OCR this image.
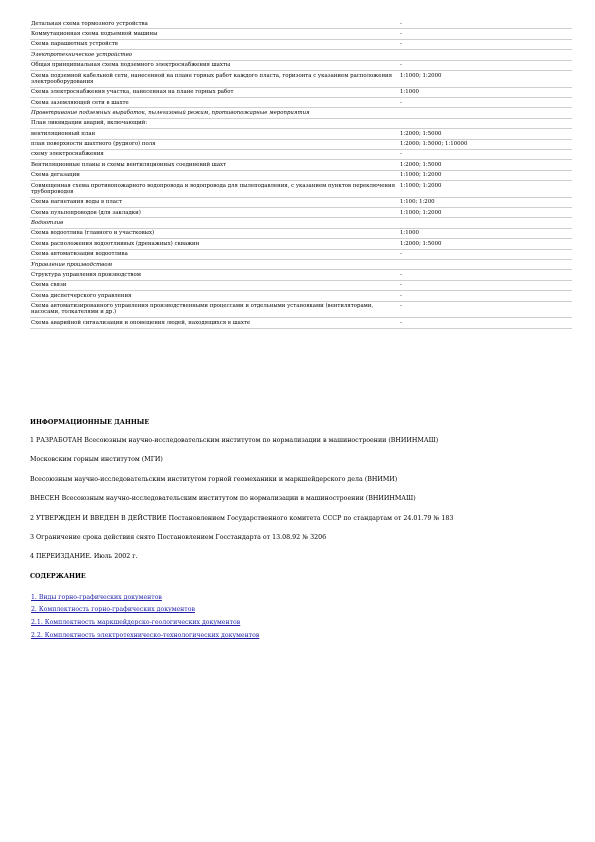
Детальная схема тормозного устройства	-
Коммутационная схема подъемной машины	-
Схема парашютных устройств	-
Электротехническое устройство	
Общая принципиальная схема подземного электроснабжения шахты	-
Схема подземной кабельной сети, нанесенной на плане горных работ каждого пласта, горизонта с указанием расположения электрооборудования	1:1000; 1:2000
Схема электроснабжения участка, нанесенная на плане горных работ	1:1000
Схема заземляющей сети в шахте	-
Проветривание подземных выработок, пылегазовый режим, противопожарные мероприятия	
План ликвидации аварий, включающий:	
вентиляционный план	1:2000; 1:5000
план поверхности шахтного (рудного) поля	1:2000; 1:5000; 1:10000
схему электроснабжения	-
Вентиляционные планы и схемы вентиляционных соединений шахт	1:2000; 1:5000
Схема дегазации	1:1000; 1:2000
Совмещенная схема противопожарного водопровода и водопровода для пылеподавления, с указанием пунктов переключения трубопроводов	1:1000; 1:2000
Схема нагнетания воды в пласт	1:100; 1:200
Схема пульпопроводов (для закладки)	1:1000; 1:2000
Водоотлив	
Схема водоотлива (главного и участковых)	1:1000
Схема расположения водоотливных (дренажных) скважин	1:2000; 1:5000
Схема автоматизации водоотлива	-
Управление производством	
Структура управления производством	-
Схема связи	-
Схема диспетчерского управления	-
Схема автоматизированного управления производственными процессами и отдельными установками (вентиляторами, насосами, толкателями и др.)	-
Схема аварийной сигнализации и оповещения людей, находящихся в шахте	-
ИНФОРМАЦИОННЫЕ ДАННЫЕ
1 РАЗРАБОТАН Всесоюзным научно-исследовательским институтом по нормализации в машиностроении (ВНИИНМАШ)
Московским горным институтом (МГИ)
Всесоюзным научно-исследовательским институтом горной геомеханики и маркшейдерского дела (ВНИМИ)
ВНЕСЕН Всесоюзным научно-исследовательским институтом по нормализации в машиностроении (ВНИИНМАШ)
2 УТВЕРЖДЕН И ВВЕДЕН В ДЕЙСТВИЕ Постановлением Государственного комитета СССР по стандартам от 24.01.79 № 183
3 Ограничение срока действия снято Постановлением Госстандарта от 13.08.92 № 3206
4 ПЕРЕИЗДАНИЕ. Июль 2002 г.
СОДЕРЖАНИЕ
1. Виды горно-графических документов
2. Комплектность горно-графических документов
2.1. Комплектность маркшейдерско-геологических документов
2.2. Комплектность электротехническо-технологических документов
